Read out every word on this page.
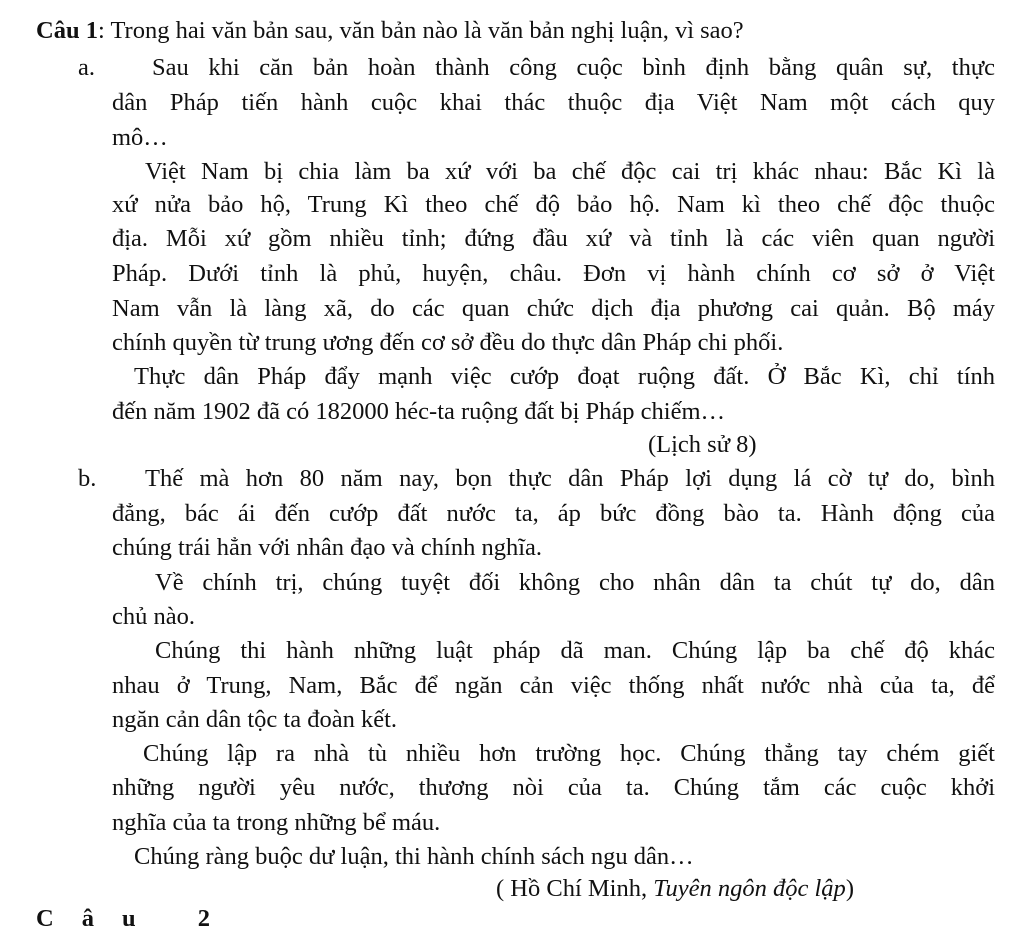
Câu 1: Trong hai văn bản sau, văn bản nào là văn bản nghị luận, vì sao?
a. Sau khi căn bản hoàn thành công cuộc bình định bằng quân sự, thực
dân Pháp tiến hành cuộc khai thác thuộc địa Việt Nam một cách quy
mô…
Việt Nam bị chia làm ba xứ với ba chế độc cai trị khác nhau: Bắc Kì là
xứ nửa bảo hộ, Trung Kì theo chế độ bảo hộ. Nam kì theo chế độc thuộc
địa. Mỗi xứ gồm nhiều tỉnh; đứng đầu xứ và tỉnh là các viên quan người
Pháp. Dưới tỉnh là phủ, huyện, châu. Đơn vị hành chính cơ sở ở Việt
Nam vẫn là làng xã, do các quan chức dịch địa phương cai quản. Bộ máy
chính quyền từ trung ương đến cơ sở đều do thực dân Pháp chi phối.
Thực dân Pháp đẩy mạnh việc cướp đoạt ruộng đất. Ở Bắc Kì, chỉ tính
đến năm 1902 đã có 182000 héc-ta ruộng đất bị Pháp chiếm…
(Lịch sử 8)
b. Thế mà hơn 80 năm nay, bọn thực dân Pháp lợi dụng lá cờ tự do, bình
đẳng, bác ái đến cướp đất nước ta, áp bức đồng bào ta. Hành động của
chúng trái hẳn với nhân đạo và chính nghĩa.
Về chính trị, chúng tuyệt đối không cho nhân dân ta chút tự do, dân
chủ nào.
Chúng thi hành những luật pháp dã man. Chúng lập ba chế độ khác
nhau ở Trung, Nam, Bắc để ngăn cản việc thống nhất nước nhà của ta, để
ngăn cản dân tộc ta đoàn kết.
Chúng lập ra nhà tù nhiều hơn trường học. Chúng thẳng tay chém giết
những người yêu nước, thương nòi của ta. Chúng tắm các cuộc khởi
nghĩa của ta trong những bể máu.
Chúng ràng buộc dư luận, thi hành chính sách ngu dân…
( Hồ Chí Minh, Tuyên ngôn độc lập)
Câu 2
